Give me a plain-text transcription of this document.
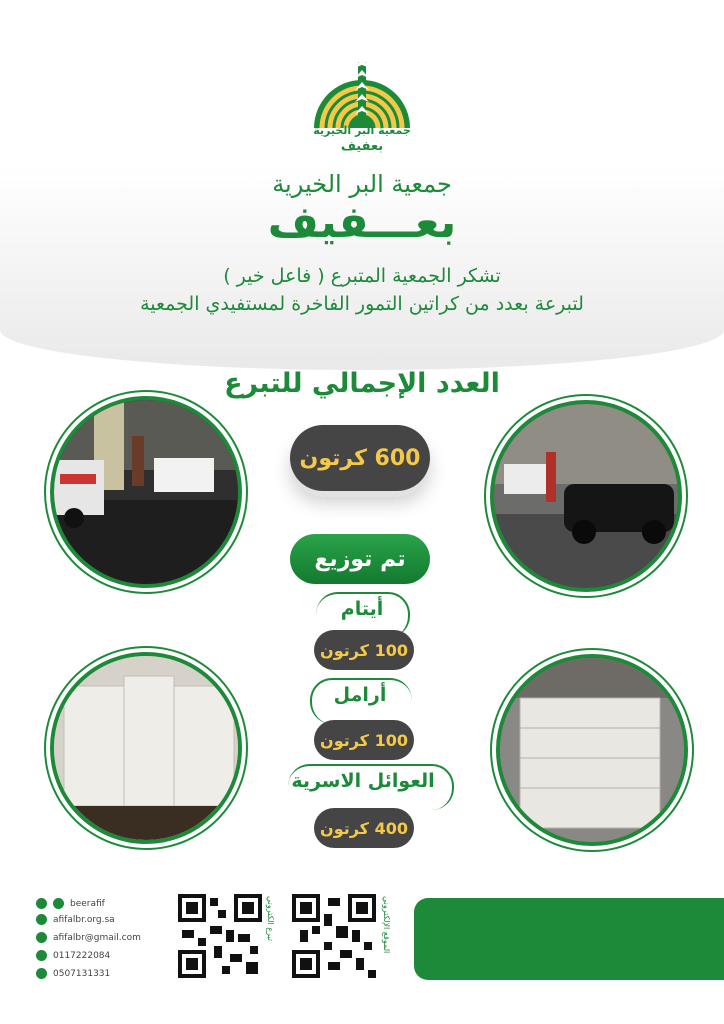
جمعية البر الخيرية
بعفيف
جمعية البر الخيرية
بعـــفيف
تشكر الجمعية المتبرع ( فاعل خير )
لتبرعة بعدد من كراتين التمور الفاخرة لمستفيدي الجمعية
العدد الإجمالي للتبرع
600 كرتون
تم توزيع
أيتام
100 كرتون
أرامل
100 كرتون
العوائل الاسرية
400 كرتون
beerafif
afifalbr.org.sa
afifalbr@gmail.com
0117222084
0507131331
تبرع الكتروني	الموقع الإلكتروني
